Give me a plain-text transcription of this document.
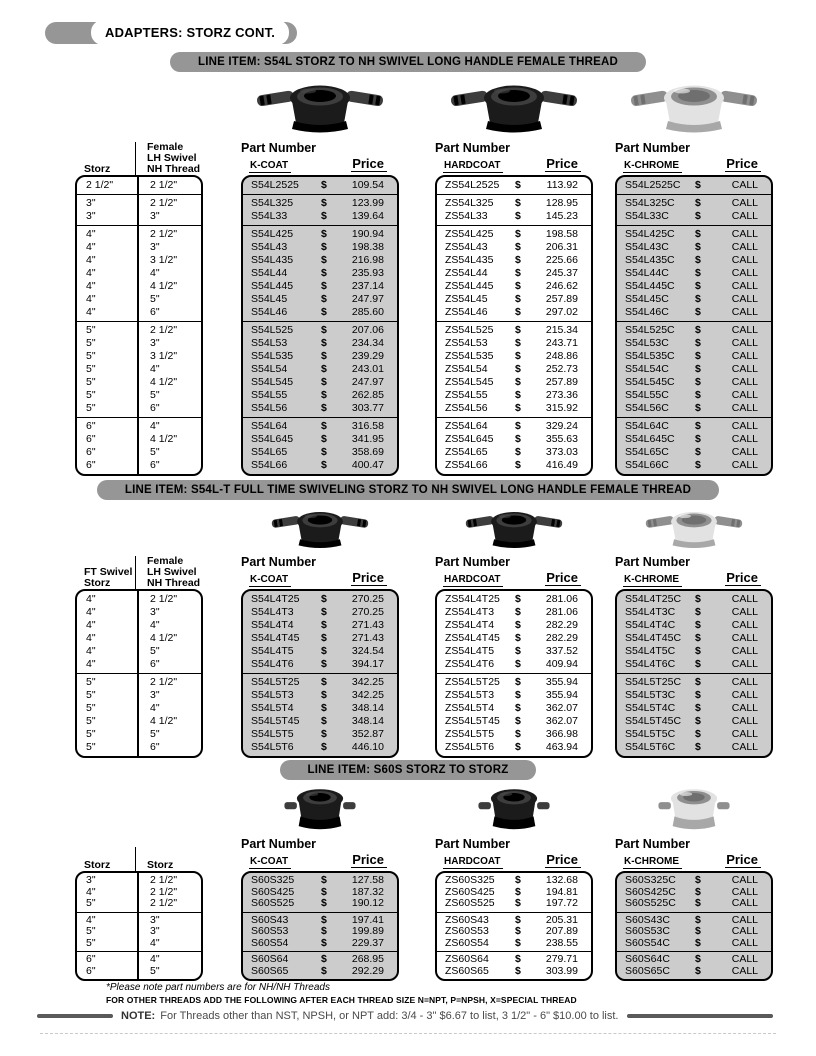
ADAPTERS: STORZ CONT.
LINE ITEM: S54L STORZ TO NH SWIVEL LONG HANDLE FEMALE THREAD
Storz
Female
LH Swivel
NH Thread
2 1/2"	2 1/2"
3"	2 1/2"
3"	3"
4"	2 1/2"
4"	3"
4"	3 1/2"
4"	4"
4"	4 1/2"
4"	5"
4"	6"
5"	2 1/2"
5"	3"
5"	3 1/2"
5"	4"
5"	4 1/2"
5"	5"
5"	6"
6"	4"
6"	4 1/2"
6"	5"
6"	6"
Part Number
K-COAT	Price
S54L2525	$	109.54
S54L325	$	123.99
S54L33	$	139.64
S54L425	$	190.94
S54L43	$	198.38
S54L435	$	216.98
S54L44	$	235.93
S54L445	$	237.14
S54L45	$	247.97
S54L46	$	285.60
S54L525	$	207.06
S54L53	$	234.34
S54L535	$	239.29
S54L54	$	243.01
S54L545	$	247.97
S54L55	$	262.85
S54L56	$	303.77
S54L64	$	316.58
S54L645	$	341.95
S54L65	$	358.69
S54L66	$	400.47
Part Number
HARDCOAT	Price
ZS54L2525	$	113.92
ZS54L325	$	128.95
ZS54L33	$	145.23
ZS54L425	$	198.58
ZS54L43	$	206.31
ZS54L435	$	225.66
ZS54L44	$	245.37
ZS54L445	$	246.62
ZS54L45	$	257.89
ZS54L46	$	297.02
ZS54L525	$	215.34
ZS54L53	$	243.71
ZS54L535	$	248.86
ZS54L54	$	252.73
ZS54L545	$	257.89
ZS54L55	$	273.36
ZS54L56	$	315.92
ZS54L64	$	329.24
ZS54L645	$	355.63
ZS54L65	$	373.03
ZS54L66	$	416.49
Part Number
K-CHROME	Price
S54L2525C	$	CALL
S54L325C	$	CALL
S54L33C	$	CALL
S54L425C	$	CALL
S54L43C	$	CALL
S54L435C	$	CALL
S54L44C	$	CALL
S54L445C	$	CALL
S54L45C	$	CALL
S54L46C	$	CALL
S54L525C	$	CALL
S54L53C	$	CALL
S54L535C	$	CALL
S54L54C	$	CALL
S54L545C	$	CALL
S54L55C	$	CALL
S54L56C	$	CALL
S54L64C	$	CALL
S54L645C	$	CALL
S54L65C	$	CALL
S54L66C	$	CALL
LINE ITEM: S54L-T FULL TIME SWIVELING STORZ TO NH SWIVEL LONG HANDLE FEMALE THREAD
FT Swivel
Storz
Female
LH Swivel
NH Thread
4"	2 1/2"
4"	3"
4"	4"
4"	4 1/2"
4"	5"
4"	6"
5"	2 1/2"
5"	3"
5"	4"
5"	4 1/2"
5"	5"
5"	6"
Part Number
K-COAT	Price
S54L4T25	$	270.25
S54L4T3	$	270.25
S54L4T4	$	271.43
S54L4T45	$	271.43
S54L4T5	$	324.54
S54L4T6	$	394.17
S54L5T25	$	342.25
S54L5T3	$	342.25
S54L5T4	$	348.14
S54L5T45	$	348.14
S54L5T5	$	352.87
S54L5T6	$	446.10
Part Number
HARDCOAT	Price
ZS54L4T25	$	281.06
ZS54L4T3	$	281.06
ZS54L4T4	$	282.29
ZS54L4T45	$	282.29
ZS54L4T5	$	337.52
ZS54L4T6	$	409.94
ZS54L5T25	$	355.94
ZS54L5T3	$	355.94
ZS54L5T4	$	362.07
ZS54L5T45	$	362.07
ZS54L5T5	$	366.98
ZS54L5T6	$	463.94
Part Number
K-CHROME	Price
S54L4T25C	$	CALL
S54L4T3C	$	CALL
S54L4T4C	$	CALL
S54L4T45C	$	CALL
S54L4T5C	$	CALL
S54L4T6C	$	CALL
S54L5T25C	$	CALL
S54L5T3C	$	CALL
S54L5T4C	$	CALL
S54L5T45C	$	CALL
S54L5T5C	$	CALL
S54L5T6C	$	CALL
LINE ITEM: S60S STORZ TO STORZ
Storz	Storz
3"	2 1/2"
4"	2 1/2"
5"	2 1/2"
4"	3"
5"	3"
5"	4"
6"	4"
6"	5"
Part Number
K-COAT	Price
S60S325	$	127.58
S60S425	$	187.32
S60S525	$	190.12
S60S43	$	197.41
S60S53	$	199.89
S60S54	$	229.37
S60S64	$	268.95
S60S65	$	292.29
Part Number
HARDCOAT	Price
ZS60S325	$	132.68
ZS60S425	$	194.81
ZS60S525	$	197.72
ZS60S43	$	205.31
ZS60S53	$	207.89
ZS60S54	$	238.55
ZS60S64	$	279.71
ZS60S65	$	303.99
Part Number
K-CHROME	Price
S60S325C	$	CALL
S60S425C	$	CALL
S60S525C	$	CALL
S60S43C	$	CALL
S60S53C	$	CALL
S60S54C	$	CALL
S60S64C	$	CALL
S60S65C	$	CALL
*Please note part numbers are for NH/NH Threads
FOR OTHER THREADS ADD THE FOLLOWING AFTER EACH THREAD SIZE N=NPT, P=NPSH, X=SPECIAL THREAD
NOTE: For Threads other than NST, NPSH, or NPT add: 3/4 - 3" $6.67 to list, 3 1/2" - 6" $10.00 to list.
